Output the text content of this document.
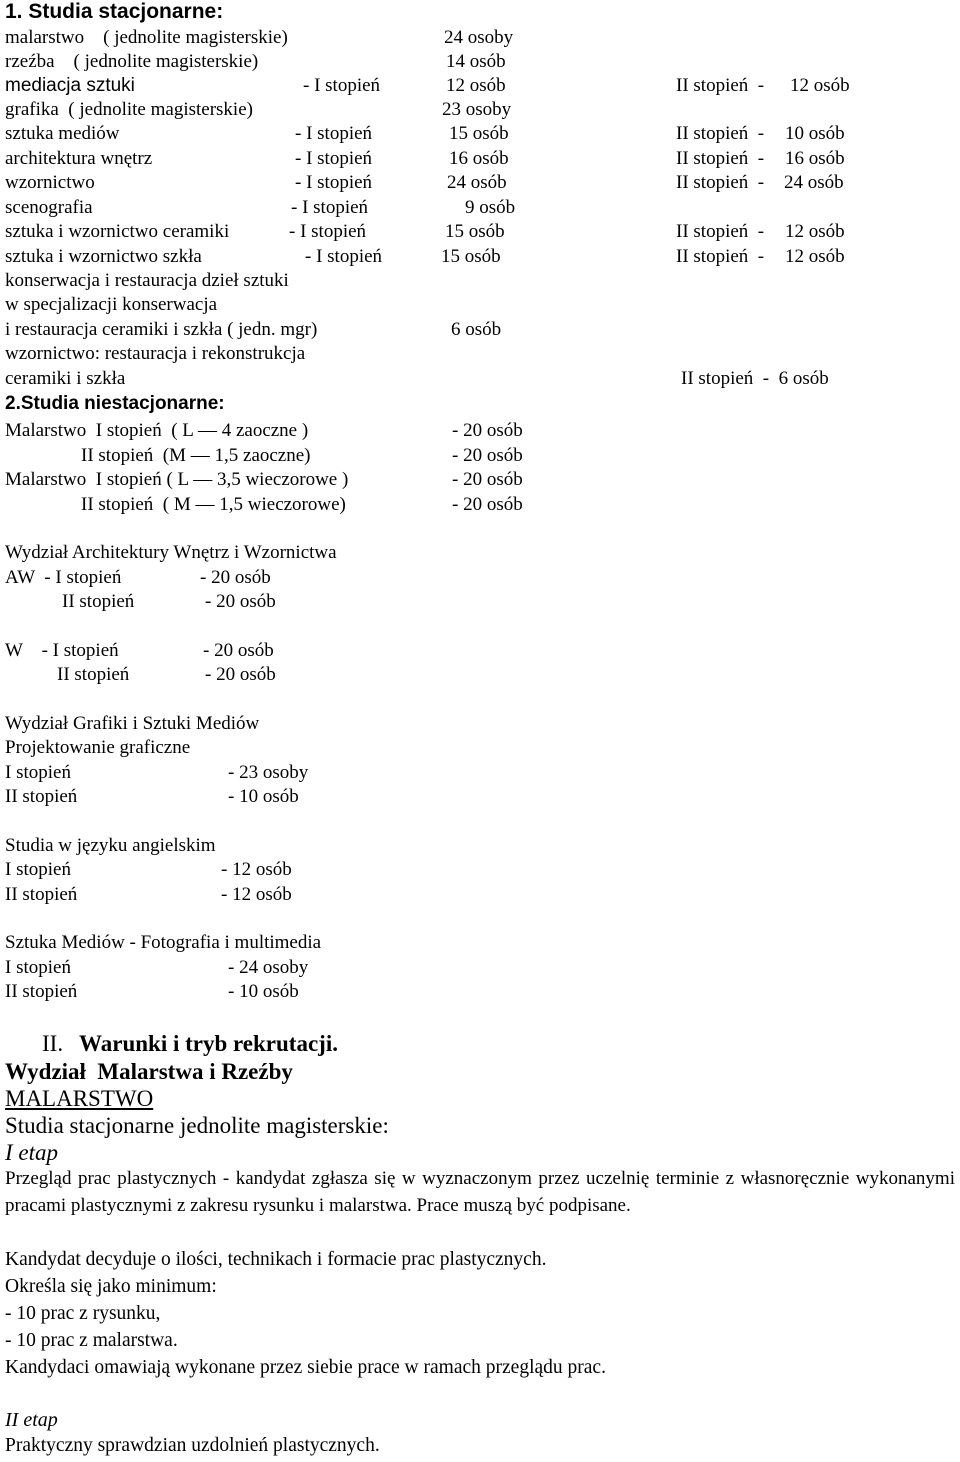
1. Studia stacjonarne:
malarstwo    ( jednolite magisterskie)	24 osoby
rzeźba    ( jednolite magisterskie)	14 osób
mediacja sztuki	- I stopień	12 osób	II stopień  - 12 osób
grafika  ( jednolite magisterskie)	23 osoby
sztuka mediów	- I stopień	15 osób	II stopień  - 10 osób
architektura wnętrz	- I stopień	16 osób	II stopień  - 16 osób
wzornictwo	- I stopień	24 osób	II stopień  - 24 osób
scenografia	- I stopień	9 osób
sztuka i wzornictwo ceramiki	- I stopień	15 osób	II stopień  - 12 osób
sztuka i wzornictwo szkła	- I stopień	15 osób	II stopień  - 12 osób
konserwacja i restauracja dzieł sztuki
w specjalizacji konserwacja
i restauracja ceramiki i szkła ( jedn. mgr)	6 osób
wzornictwo: restauracja i rekonstrukcja
ceramiki i szkła	II stopień  -  6 osób
2.Studia niestacjonarne:
Malarstwo  I stopień  ( L — 4 zaoczne )	- 20 osób
II stopień  (M — 1,5 zaoczne)	- 20 osób
Malarstwo  I stopień ( L — 3,5 wieczorowe )	- 20 osób
II stopień  ( M — 1,5 wieczorowe)	- 20 osób
Wydział Architektury Wnętrz i Wzornictwa
AW  - I stopień	- 20 osób
II stopień	- 20 osób
W    - I stopień	- 20 osób
II stopień	- 20 osób
Wydział Grafiki i Sztuki Mediów
Projektowanie graficzne
I stopień	- 23 osoby
II stopień	- 10 osób
Studia w języku angielskim
I stopień	- 12 osób
II stopień	- 12 osób
Sztuka Mediów - Fotografia i multimedia
I stopień	- 24 osoby
II stopień	- 10 osób
II. Warunki i tryb rekrutacji.
Wydział  Malarstwa i Rzeźby
MALARSTWO
Studia stacjonarne jednolite magisterskie:
I etap
Przegląd prac plastycznych - kandydat zgłasza się w wyznaczonym przez uczelnię terminie z własnoręcznie wykonanymi pracami plastycznymi z zakresu rysunku i malarstwa. Prace muszą być podpisane.
Kandydat decyduje o ilości, technikach i formacie prac plastycznych.
Określa się jako minimum:
- 10 prac z rysunku,
- 10 prac z malarstwa.
Kandydaci omawiają wykonane przez siebie prace w ramach przeglądu prac.
II etap
Praktyczny sprawdzian uzdolnień plastycznych.
